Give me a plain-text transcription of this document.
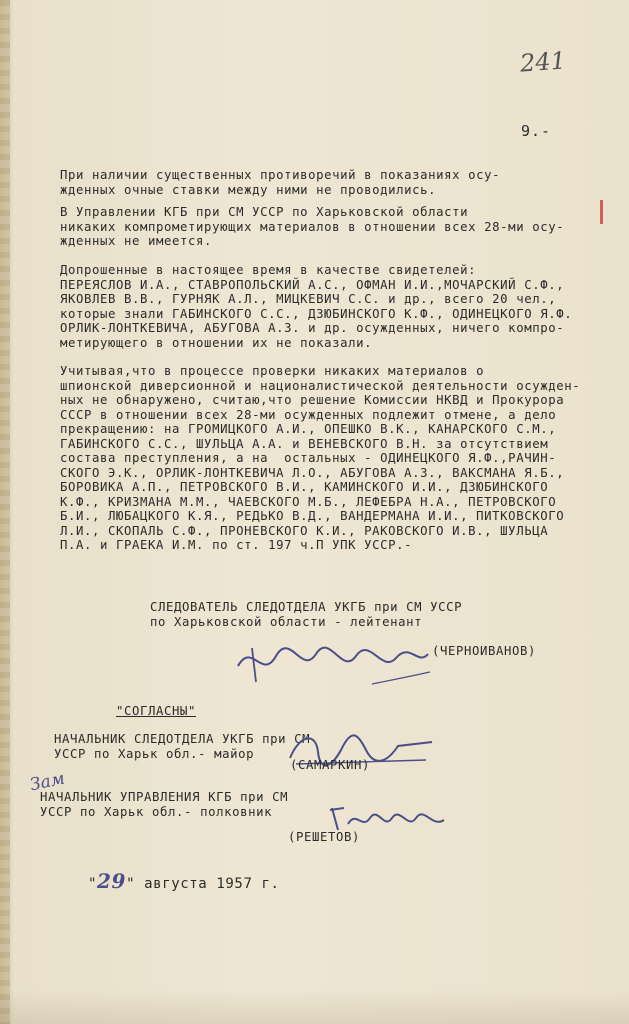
241
9.-
При наличии существенных противоречий в показаниях осу-
жденных очные ставки между ними не проводились.
В Управлении КГБ при СМ УССР по Харьковской области
никаких компрометирующих материалов в отношении всех 28-ми осу-
жденных не имеется.
Допрошенные в настоящее время в качестве свидетелей:
ПЕРЕЯСЛОВ И.А., СТАВРОПОЛЬСКИЙ А.С., ОФМАН И.И.,МОЧАРСКИЙ С.Ф.,
ЯКОВЛЕВ В.В., ГУРНЯК А.Л., МИЦКЕВИЧ С.С. и др., всего 20 чел.,
которые знали ГАБИНСКОГО С.С., ДЗЮБИНСКОГО К.Ф., ОДИНЕЦКОГО Я.Ф.
ОРЛИК-ЛОНТКЕВИЧА, АБУГОВА А.З. и др. осужденных, ничего компро-
метирующего в отношении их не показали.
Учитывая,что в процессе проверки никаких материалов о
шпионской диверсионной и националистической деятельности осужден-
ных не обнаружено, считаю,что решение Комиссии НКВД и Прокурора
СССР в отношении всех 28-ми осужденных подлежит отмене, а дело
прекращению: на ГРОМИЦКОГО А.И., ОПЕШКО В.К., КАНАРСКОГО С.М.,
ГАБИНСКОГО С.С., ШУЛЬЦА А.А. и ВЕНЕВСКОГО В.Н. за отсутствием
состава преступления, а на  остальных - ОДИНЕЦКОГО Я.Ф.,РАЧИН-
СКОГО Э.К., ОРЛИК-ЛОНТКЕВИЧА Л.О., АБУГОВА А.З., ВАКСМАНА Я.Б.,
БОРОВИКА А.П., ПЕТРОВСКОГО В.И., КАМИНСКОГО И.И., ДЗЮБИНСКОГО
К.Ф., КРИЗМАНА М.М., ЧАЕВСКОГО М.Б., ЛЕФЕБРА Н.А., ПЕТРОВСКОГО
Б.И., ЛЮБАЦКОГО К.Я., РЕДЬКО В.Д., ВАНДЕРМАНА И.И., ПИТКОВСКОГО
Л.И., СКОПАЛЬ С.Ф., ПРОНЕВСКОГО К.И., РАКОВСКОГО И.В., ШУЛЬЦА
П.А. и ГРАЕКА И.М. по ст. 197 ч.П УПК УССР.-
СЛЕДОВАТЕЛЬ СЛЕДОТДЕЛА УКГБ при СМ УССР
по Харьковской области - лейтенант
(ЧЕРНОИВАНОВ)
"СОГЛАСНЫ"
НАЧАЛЬНИК СЛЕДОТДЕЛА УКГБ при СМ
УССР по Харьк обл.- майор
(САМАРКИН)
Зам
НАЧАЛЬНИК УПРАВЛЕНИЯ КГБ при СМ
УССР по Харьк обл.- полковник
(РЕШЕТОВ)
"29" августа 1957 г.
